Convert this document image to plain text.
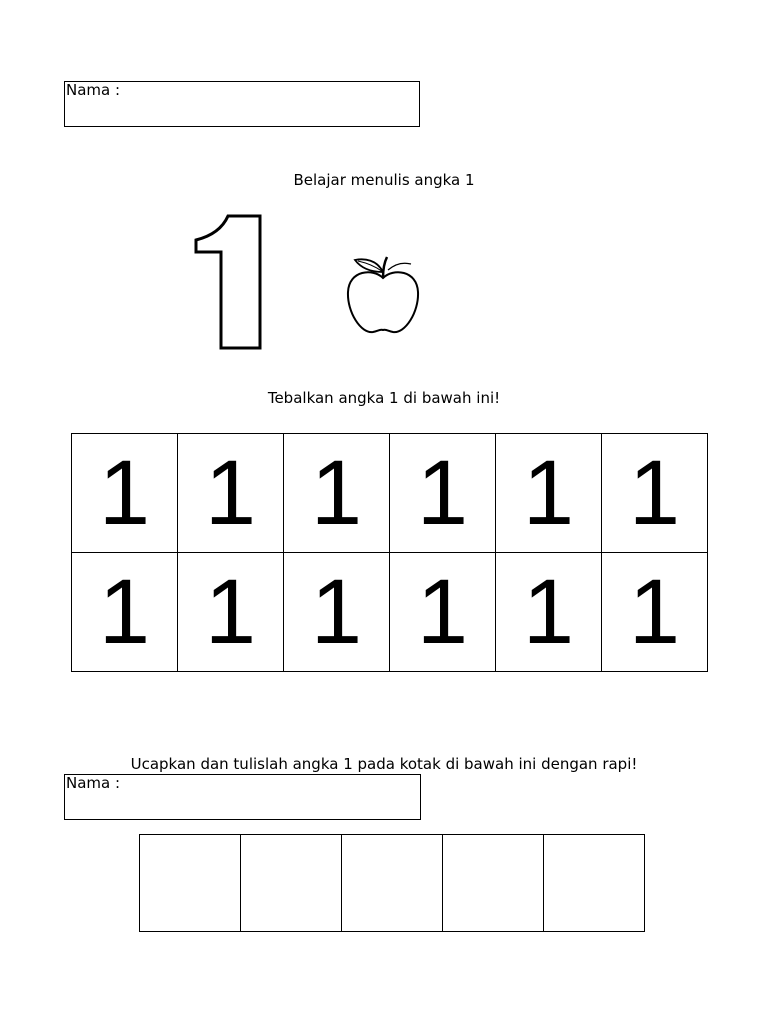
Nama :
Belajar menulis angka 1
Tebalkan angka 1 di bawah ini!
1	1	1	1	1	1
1	1	1	1	1	1
Ucapkan dan tulislah angka 1 pada kotak di bawah ini dengan rapi!
Nama :
